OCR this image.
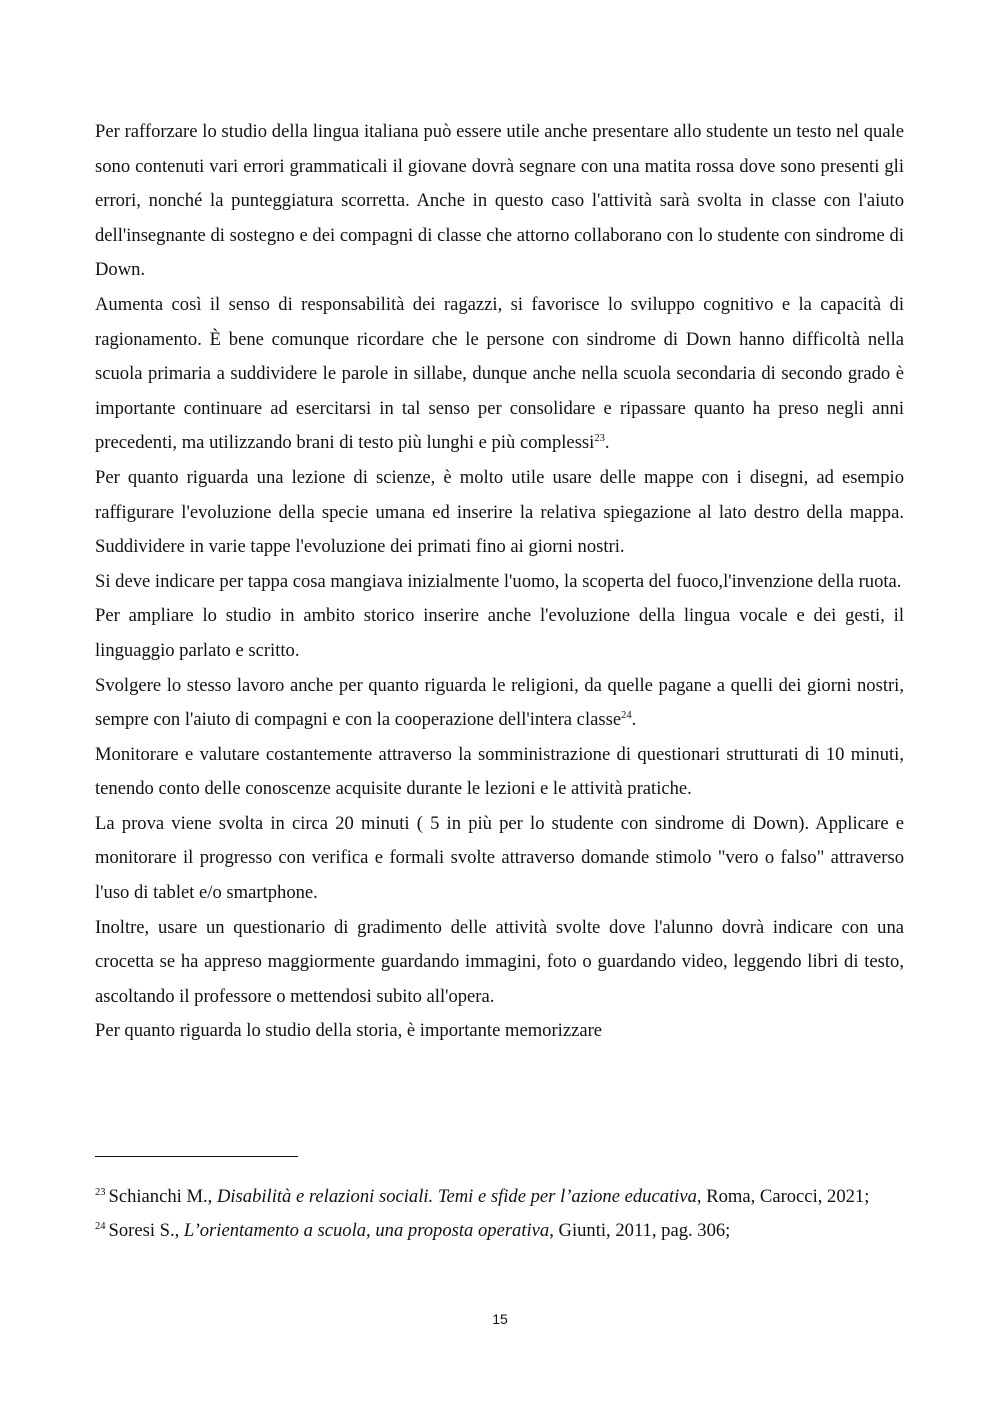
Per rafforzare lo studio della lingua italiana può essere utile anche presentare allo studente un testo nel quale sono contenuti vari errori grammaticali il giovane dovrà segnare con una matita rossa dove sono presenti gli errori, nonché la punteggiatura scorretta. Anche in questo caso l'attività sarà svolta in classe con l'aiuto dell'insegnante di sostegno e dei compagni di classe che attorno collaborano con lo studente con sindrome di Down.

Aumenta così il senso di responsabilità dei ragazzi, si favorisce lo sviluppo cognitivo e la capacità di ragionamento. È bene comunque ricordare che le persone con sindrome di Down hanno difficoltà nella scuola primaria a suddividere le parole in sillabe, dunque anche nella scuola secondaria di secondo grado è importante continuare ad esercitarsi in tal senso per consolidare e ripassare quanto ha preso negli anni precedenti, ma utilizzando brani di testo più lunghi e più complessi$^{23}$.

Per quanto riguarda una lezione di scienze, è molto utile usare delle mappe con i disegni, ad esempio raffigurare l'evoluzione della specie umana ed inserire la relativa spiegazione al lato destro della mappa. Suddividere in varie tappe l'evoluzione dei primati fino ai giorni nostri.

Si deve indicare per tappa cosa mangiava inizialmente l'uomo, la scoperta del fuoco,l'invenzione della ruota.

Per ampliare lo studio in ambito storico inserire anche l'evoluzione della lingua vocale e dei gesti, il linguaggio parlato e scritto.

Svolgere lo stesso lavoro anche per quanto riguarda le religioni, da quelle pagane a quelli dei giorni nostri, sempre con l'aiuto di compagni e con la cooperazione dell'intera classe$^{24}$.

Monitorare e valutare costantemente attraverso la somministrazione di questionari strutturati di 10 minuti, tenendo conto delle conoscenze acquisite durante le lezioni e le attività pratiche.

La prova viene svolta in circa 20 minuti ( 5 in più per lo studente con sindrome di Down). Applicare e monitorare il progresso con verifica e formali svolte attraverso domande stimolo "vero o falso" attraverso l'uso di tablet e/o smartphone.

Inoltre, usare un questionario di gradimento delle attività svolte dove l'alunno dovrà indicare con una crocetta se ha appreso maggiormente guardando immagini, foto o guardando video, leggendo libri di testo, ascoltando il professore o mettendosi subito all'opera.

Per quanto riguarda lo studio della storia, è importante memorizzare

$^{23}$ Schianchi M., Disabilità e relazioni sociali. Temi e sfide per l’azione educativa, Roma, Carocci, 2021;

$^{24}$ Soresi S., L’orientamento a scuola, una proposta operativa, Giunti, 2011, pag. 306;

15
